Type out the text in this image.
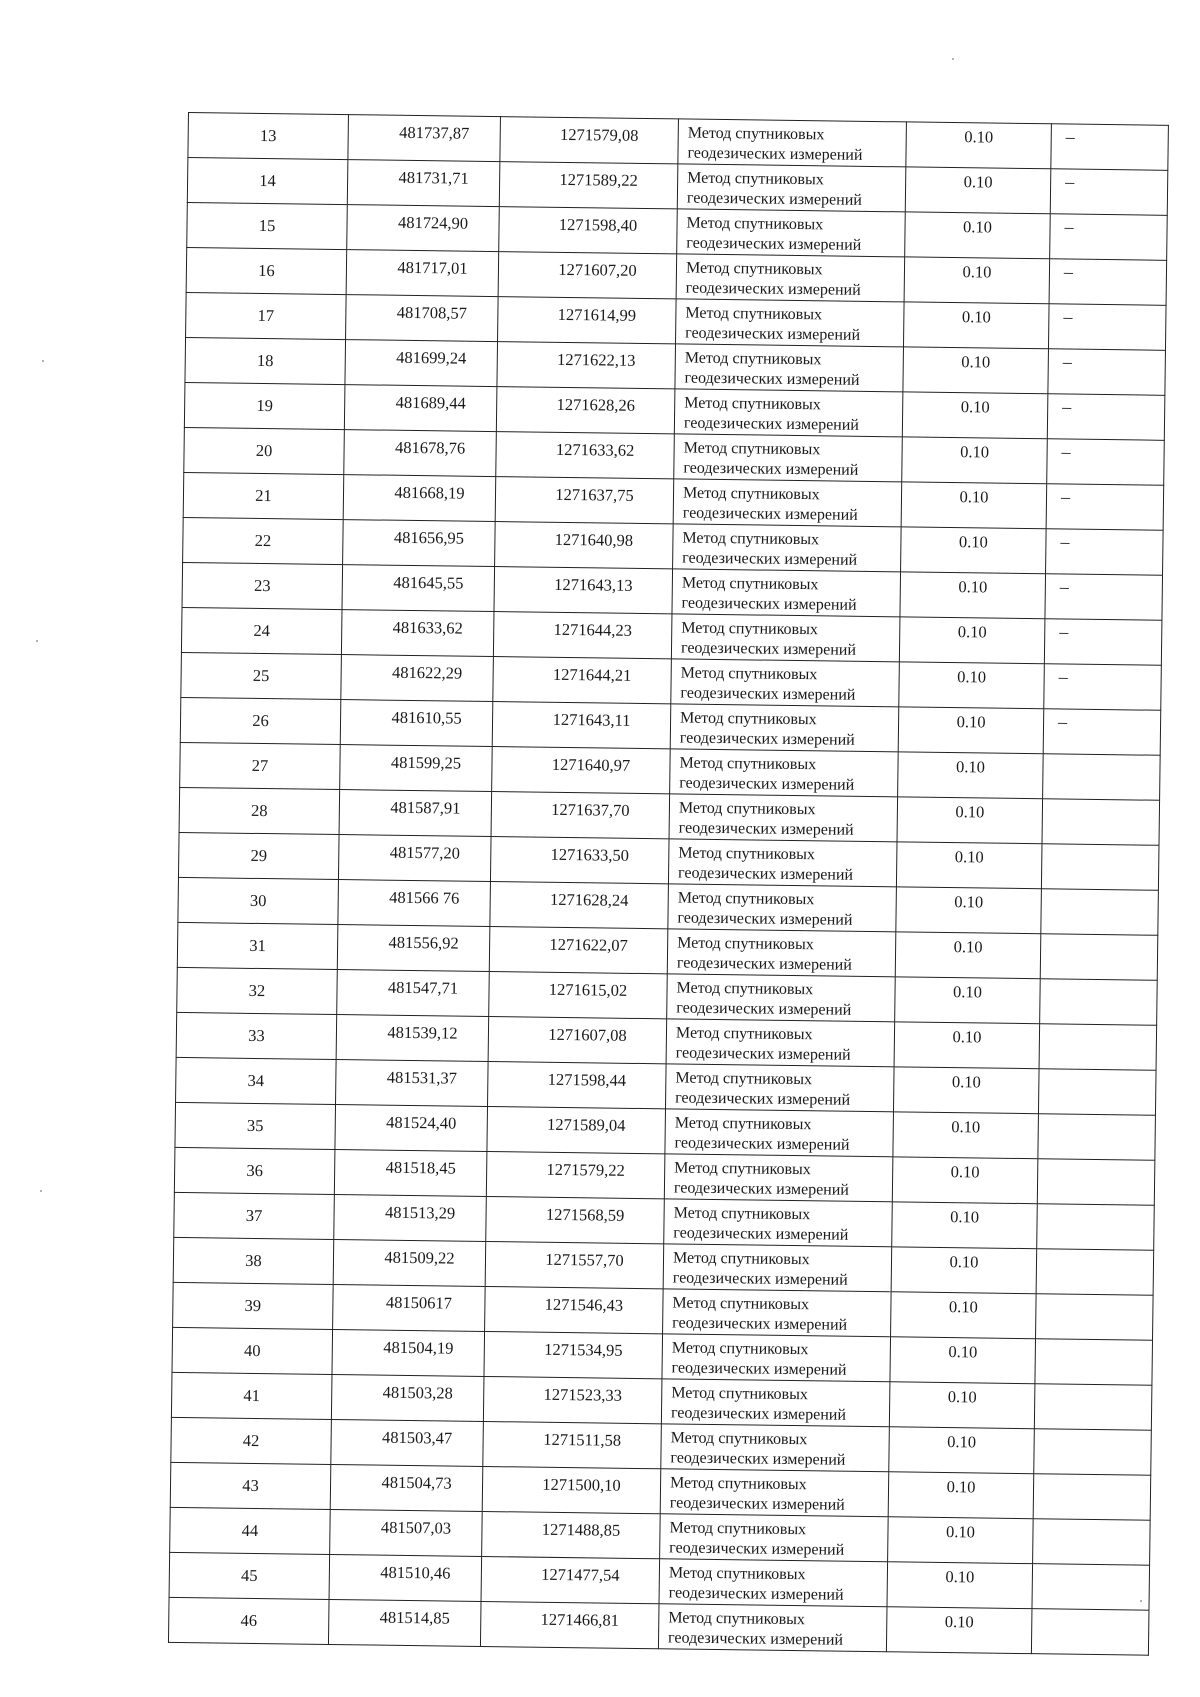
13	481737,87	1271579,08	Метод спутниковых
геодезических измерений	0.10	–

14	481731,71	1271589,22	Метод спутниковых
геодезических измерений	0.10	–

15	481724,90	1271598,40	Метод спутниковых
геодезических измерений	0.10	–

16	481717,01	1271607,20	Метод спутниковых
геодезических измерений	0.10	–

17	481708,57	1271614,99	Метод спутниковых
геодезических измерений	0.10	–

18	481699,24	1271622,13	Метод спутниковых
геодезических измерений	0.10	–

19	481689,44	1271628,26	Метод спутниковых
геодезических измерений	0.10	–

20	481678,76	1271633,62	Метод спутниковых
геодезических измерений	0.10	–

21	481668,19	1271637,75	Метод спутниковых
геодезических измерений	0.10	–

22	481656,95	1271640,98	Метод спутниковых
геодезических измерений	0.10	–

23	481645,55	1271643,13	Метод спутниковых
геодезических измерений	0.10	–

24	481633,62	1271644,23	Метод спутниковых
геодезических измерений	0.10	–

25	481622,29	1271644,21	Метод спутниковых
геодезических измерений	0.10	–

26	481610,55	1271643,11	Метод спутниковых
геодезических измерений	0.10	–

27	481599,25	1271640,97	Метод спутниковых
геодезических измерений	0.10	

28	481587,91	1271637,70	Метод спутниковых
геодезических измерений	0.10	

29	481577,20	1271633,50	Метод спутниковых
геодезических измерений	0.10	

30	481566 76	1271628,24	Метод спутниковых
геодезических измерений	0.10	

31	481556,92	1271622,07	Метод спутниковых
геодезических измерений	0.10	

32	481547,71	1271615,02	Метод спутниковых
геодезических измерений	0.10	

33	481539,12	1271607,08	Метод спутниковых
геодезических измерений	0.10	

34	481531,37	1271598,44	Метод спутниковых
геодезических измерений	0.10	

35	481524,40	1271589,04	Метод спутниковых
геодезических измерений	0.10	

36	481518,45	1271579,22	Метод спутниковых
геодезических измерений	0.10	

37	481513,29	1271568,59	Метод спутниковых
геодезических измерений	0.10	

38	481509,22	1271557,70	Метод спутниковых
геодезических измерений	0.10	

39	48150617	1271546,43	Метод спутниковых
геодезических измерений	0.10	

40	481504,19	1271534,95	Метод спутниковых
геодезических измерений	0.10	

41	481503,28	1271523,33	Метод спутниковых
геодезических измерений	0.10	

42	481503,47	1271511,58	Метод спутниковых
геодезических измерений	0.10	

43	481504,73	1271500,10	Метод спутниковых
геодезических измерений	0.10	

44	481507,03	1271488,85	Метод спутниковых
геодезических измерений	0.10	

45	481510,46	1271477,54	Метод спутниковых
геодезических измерений	0.10	

46	481514,85	1271466,81	Метод спутниковых
геодезических измерений	0.10	
